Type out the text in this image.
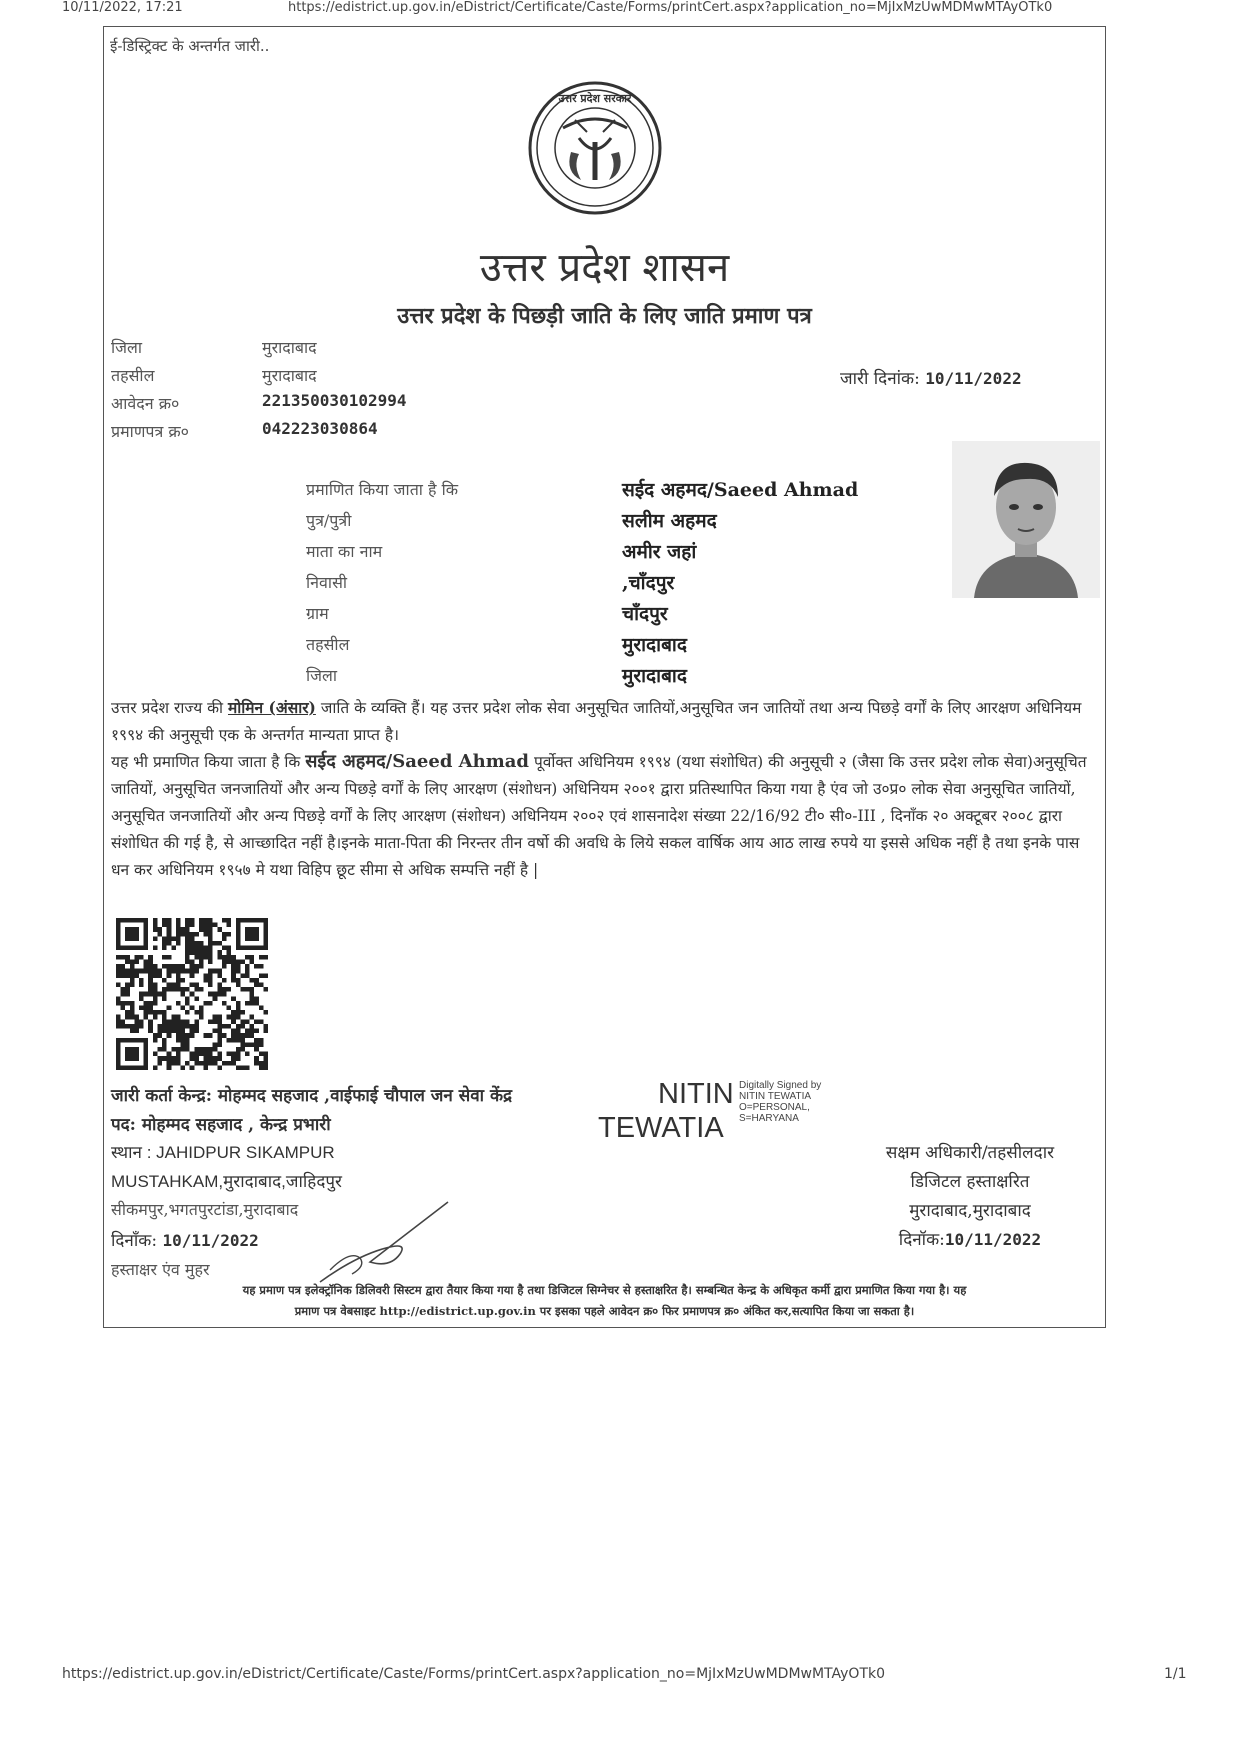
10/11/2022, 17:21	https://edistrict.up.gov.in/eDistrict/Certificate/Caste/Forms/printCert.aspx?application_no=MjIxMzUwMDMwMTAyOTk0
ई-डिस्ट्रिक्ट के अन्तर्गत जारी..
उत्तर प्रदेश सरकार
उत्तर प्रदेश शासन
उत्तर प्रदेश के पिछड़ी जाति के लिए जाति प्रमाण पत्र
जिला	मुरादाबाद
तहसील	मुरादाबाद
आवेदन क्र०	221350030102994
प्रमाणपत्र क्र०	042223030864
जारी दिनांक: 10/11/2022
प्रमाणित किया जाता है कि	सईद अहमद/Saeed Ahmad
पुत्र/पुत्री	सलीम अहमद
माता का नाम	अमीर जहां
निवासी	,चाँदपुर
ग्राम	चाँदपुर
तहसील	मुरादाबाद
जिला	मुरादाबाद
उत्तर प्रदेश राज्य की मोमिन (अंसार) जाति के व्यक्ति हैं। यह उत्तर प्रदेश लोक सेवा अनुसूचित जातियों,अनुसूचित जन जातियों तथा अन्य पिछड़े वर्गों के लिए आरक्षण अधिनियम १९९४ की अनुसूची एक के अन्तर्गत मान्यता प्राप्त है।
यह भी प्रमाणित किया जाता है कि सईद अहमद/Saeed Ahmad पूर्वोक्त अधिनियम १९९४ (यथा संशोधित) की अनुसूची २ (जैसा कि उत्तर प्रदेश लोक सेवा)अनुसूचित जातियों, अनुसूचित जनजातियों और अन्य पिछड़े वर्गों के लिए आरक्षण (संशोधन) अधिनियम २००१ द्वारा प्रतिस्थापित किया गया है एंव जो उ०प्र० लोक सेवा अनुसूचित जातियों, अनुसूचित जनजातियों और अन्य पिछड़े वर्गों के लिए आरक्षण (संशोधन) अधिनियम २००२ एवं शासनादेश संख्या 22/16/92 टी० सी०-III , दिनाँक २० अक्टूबर २००८ द्वारा संशोधित की गई है, से आच्छादित नहीं है।इनके माता-पिता की निरन्तर तीन वर्षो की अवधि के लिये सकल वार्षिक आय आठ लाख रुपये या इससे अधिक नहीं है तथा इनके पास धन कर अधिनियम १९५७ मे यथा विहिप छूट सीमा से अधिक सम्पत्ति नहीं है |
जारी कर्ता केन्द्र: मोहम्मद सहजाद ,वाईफाई चौपाल जन सेवा केंद्र
पद: मोहम्मद सहजाद , केन्द्र प्रभारी
स्थान : JAHIDPUR SIKAMPUR
MUSTAHKAM,मुरादाबाद,जाहिदपुर
सीकमपुर,भगतपुरटांडा,मुरादाबाद
दिनाँक: 10/11/2022
हस्ताक्षर एंव मुहर
NITIN
TEWATIA
Digitally Signed by
NITIN TEWATIA
O=PERSONAL,
S=HARYANA
सक्षम अधिकारी/तहसीलदार
डिजिटल हस्ताक्षरित
मुरादाबाद,मुरादाबाद
दिनॉक:10/11/2022
यह प्रमाण पत्र इलेक्ट्रॉनिक डिलिवरी सिस्टम द्वारा तैयार किया गया है तथा डिजिटल सिग्नेचर से हस्ताक्षरित है। सम्बन्धित केन्द्र के अधिकृत कर्मी द्वारा प्रमाणित किया गया है। यह
प्रमाण पत्र वेबसाइट http://edistrict.up.gov.in पर इसका पहले आवेदन क्र० फिर प्रमाणपत्र क्र० अंकित कर,सत्यापित किया जा सकता है।
https://edistrict.up.gov.in/eDistrict/Certificate/Caste/Forms/printCert.aspx?application_no=MjIxMzUwMDMwMTAyOTk0	1/1
